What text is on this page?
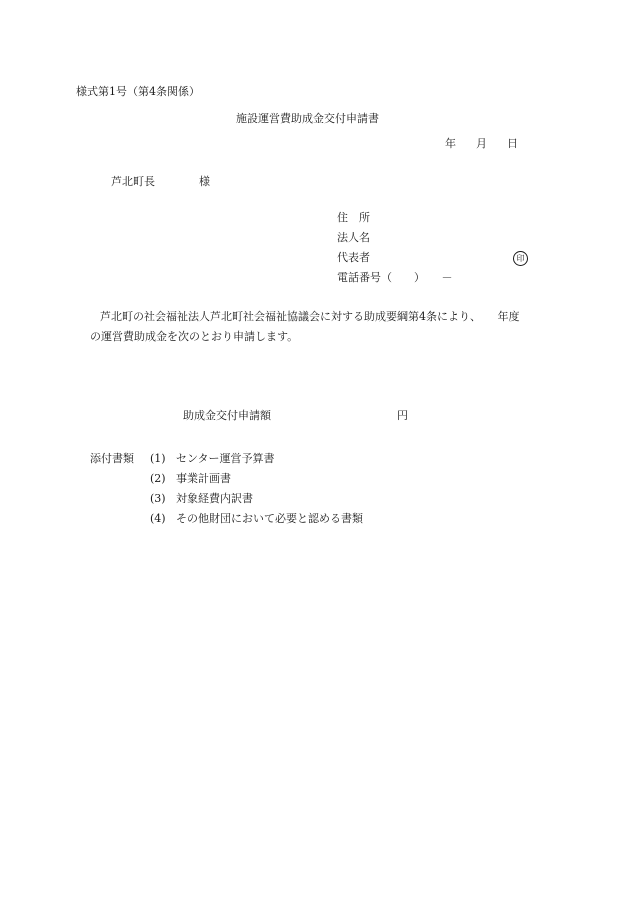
様式第1号（第4条関係）
施設運営費助成金交付申請書
年 月 日
芦北町長	様
住　所
法人名
代表者
電話番号（　　）　　－
印
芦北町の社会福祉法人芦北町社会福祉協議会に対する助成要綱第4条により、　　年度
の運営費助成金を次のとおり申請します。
助成金交付申請額	円
添付書類 (1) センター運営予算書
(2) 事業計画書
(3) 対象経費内訳書
(4) その他財団において必要と認める書類
